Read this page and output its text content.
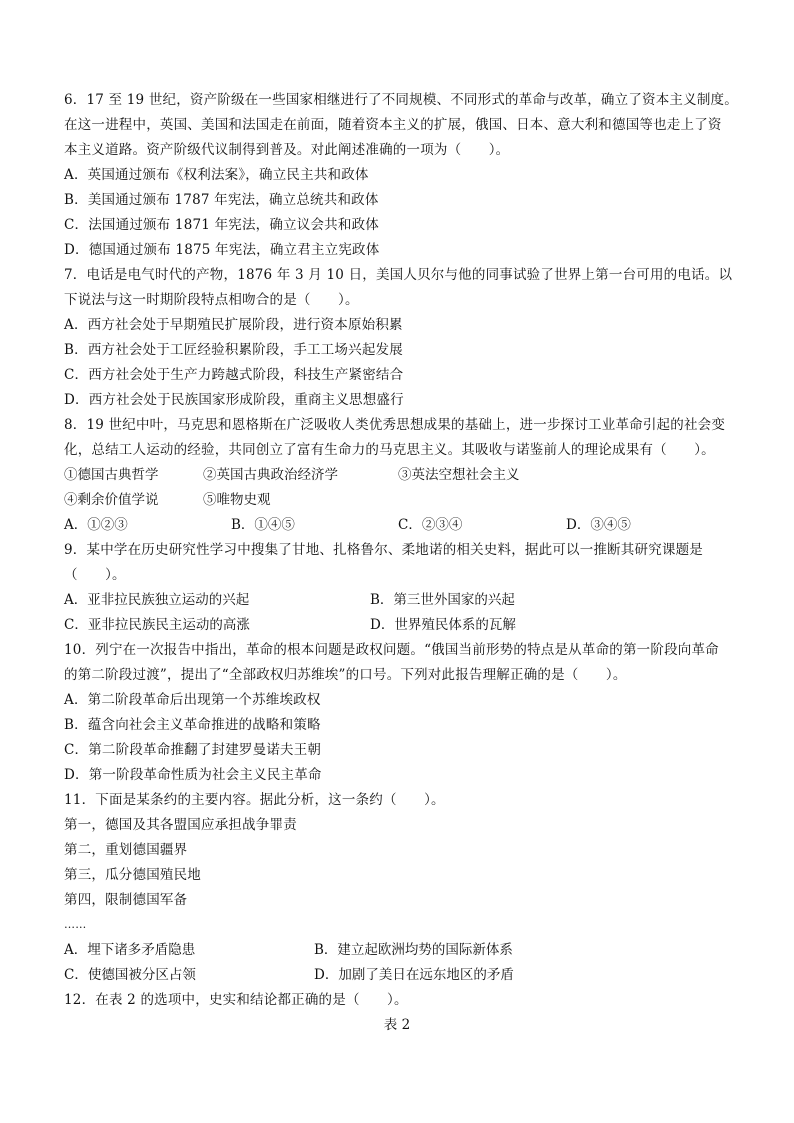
6．17 至 19 世纪，资产阶级在一些国家相继进行了不同规模、不同形式的革命与改革，确立了资本主义制度。
在这一进程中，英国、美国和法国走在前面，随着资本主义的扩展，俄国、日本、意大利和德国等也走上了资
本主义道路。资产阶级代议制得到普及。对此阐述准确的一项为（　　）。
A．英国通过颁布《权利法案》，确立民主共和政体
B．美国通过颁布 1787 年宪法，确立总统共和政体
C．法国通过颁布 1871 年宪法，确立议会共和政体
D．德国通过颁布 1875 年宪法，确立君主立宪政体
7．电话是电气时代的产物，1876 年 3 月 10 日，美国人贝尔与他的同事试验了世界上第一台可用的电话。以
下说法与这一时期阶段特点相吻合的是（　　）。
A．西方社会处于早期殖民扩展阶段，进行资本原始积累
B．西方社会处于工匠经验积累阶段，手工工场兴起发展
C．西方社会处于生产力跨越式阶段，科技生产紧密结合
D．西方社会处于民族国家形成阶段，重商主义思想盛行
8．19 世纪中叶，马克思和恩格斯在广泛吸收人类优秀思想成果的基础上，进一步探讨工业革命引起的社会变
化，总结工人运动的经验，共同创立了富有生命力的马克思主义。其吸收与诺鉴前人的理论成果有（　　）。
①德国古典哲学	②英国古典政治经济学	③英法空想社会主义
④剩余价值学说	⑤唯物史观
A．①②③	B．①④⑤	C．②③④	D．③④⑤
9．某中学在历史研究性学习中搜集了甘地、扎格鲁尔、柔地诺的相关史料，据此可以一推断其研究课题是
（　　）。
A．亚非拉民族独立运动的兴起	B．第三世外国家的兴起
C．亚非拉民族民主运动的高涨	D．世界殖民体系的瓦解
10．列宁在一次报告中指出，革命的根本问题是政权问题。“俄国当前形势的特点是从革命的第一阶段向革命
的第二阶段过渡”，提出了“全部政权归苏维埃”的口号。下列对此报告理解正确的是（　　）。
A．第二阶段革命后出现第一个苏维埃政权
B．蕴含向社会主义革命推进的战略和策略
C．第二阶段革命推翻了封建罗曼诺夫王朝
D．第一阶段革命性质为社会主义民主革命
11．下面是某条约的主要内容。据此分析，这一条约（　　）。
第一，德国及其各盟国应承担战争罪责
第二，重划德国疆界
第三，瓜分德国殖民地
第四，限制德国军备
……
A．埋下诸多矛盾隐患	B．建立起欧洲均势的国际新体系
C．使德国被分区占领	D．加剧了美日在远东地区的矛盾
12．在表 2 的选项中，史实和结论都正确的是（　　）。
表 2
